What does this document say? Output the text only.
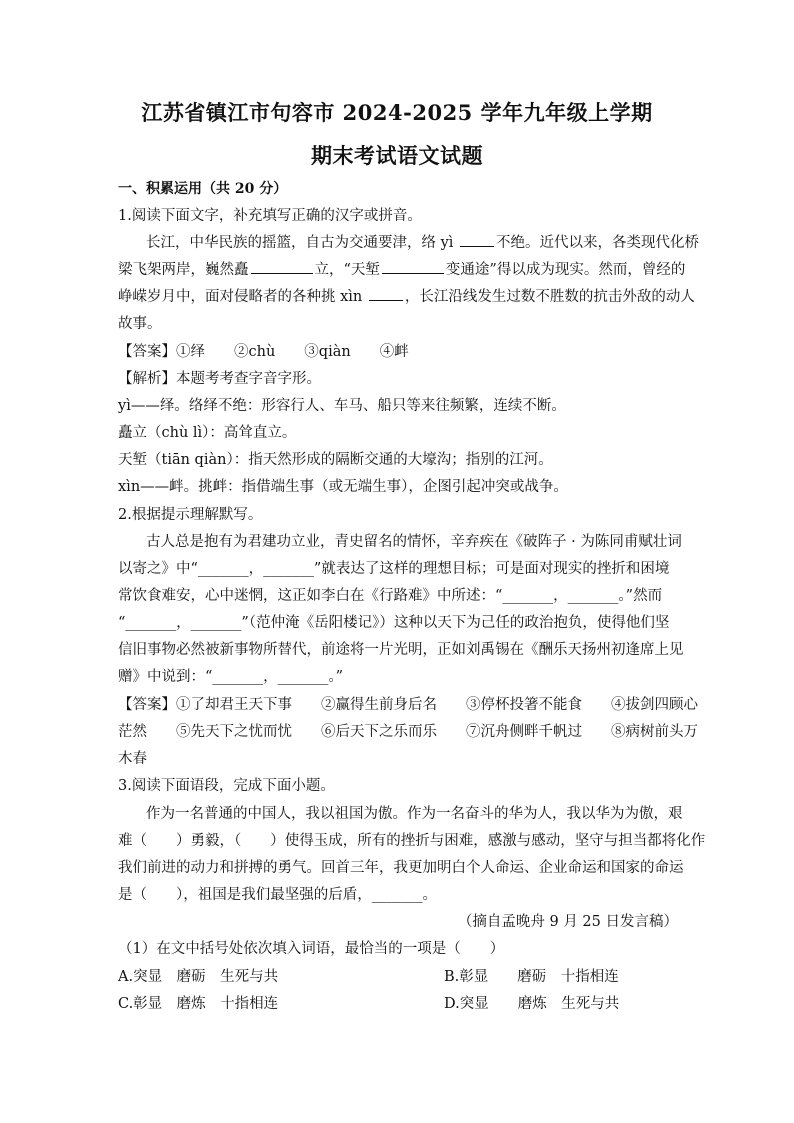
江苏省镇江市句容市 2024-2025 学年九年级上学期
期末考试语文试题
一、积累运用（共 20 分）
1.阅读下面文字，补充填写正确的汉字或拼音。
长江，中华民族的摇篮，自古为交通要津，络 yì	不绝。近代以来，各类现代化桥
梁飞架两岸，巍然矗	立，“天堑	变通途”得以成为现实。然而，曾经的
峥嵘岁月中，面对侵略者的各种挑 xìn	，长江沿线发生过数不胜数的抗击外敌的动人
故事。
【答案】①绎　　②chù　　③qiàn　　④衅
【解析】本题考考查字音字形。
yì——绎。络绎不绝：形容行人、车马、船只等来往频繁，连续不断。
矗立（chù lì）：高耸直立。
天堑（tiān qiàn）：指天然形成的隔断交通的大壕沟；指别的江河。
xìn——衅。挑衅：指借端生事（或无端生事），企图引起冲突或战争。
2.根据提示理解默写。
古人总是抱有为君建功立业，青史留名的情怀，辛弃疾在《破阵子 · 为陈同甫赋壮词
以寄之》中“_______，_______”就表达了这样的理想目标；可是面对现实的挫折和困境
常饮食难安，心中迷惘，这正如李白在《行路难》中所述：“_______，_______。”然而
“_______，_______”（范仲淹《岳阳楼记》）这种以天下为己任的政治抱负，使得他们坚
信旧事物必然被新事物所替代，前途将一片光明，正如刘禹锡在《酬乐天扬州初逢席上见
赠》中说到：“_______，_______。”
【答案】①了却君王天下事　　②赢得生前身后名　　③停杯投箸不能食　　④拔剑四顾心
茫然　　⑤先天下之忧而忧　　⑥后天下之乐而乐　　⑦沉舟侧畔千帆过　　⑧病树前头万
木春
3.阅读下面语段，完成下面小题。
作为一名普通的中国人，我以祖国为傲。作为一名奋斗的华为人，我以华为为傲，艰
难（　　）勇毅，（　　）使得玉成，所有的挫折与困难，感激与感动，坚守与担当都将化作
我们前进的动力和拼搏的勇气。回首三年，我更加明白个人命运、企业命运和国家的命运
是（　　），祖国是我们最坚强的后盾，_______。
（摘自孟晚舟 9 月 25 日发言稿）
（1）在文中括号处依次填入词语，最恰当的一项是（　　）
A.突显　磨砺　生死与共	B.彰显　　磨砺　十指相连
C.彰显　磨炼　十指相连	D.突显　　磨炼　生死与共
